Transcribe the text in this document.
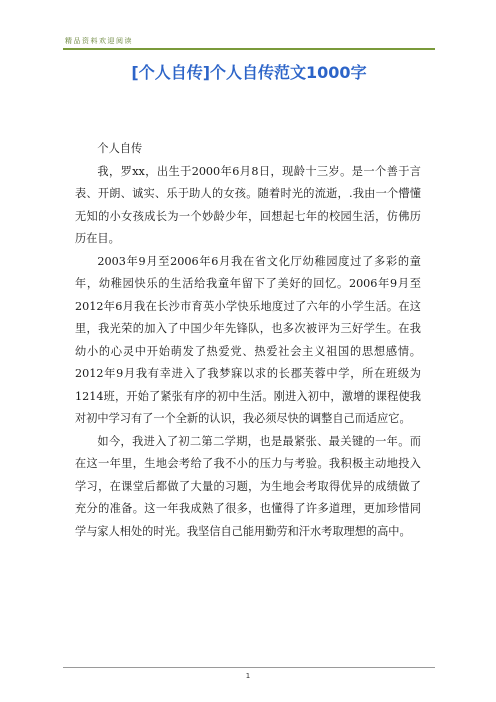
精品资料欢迎阅读
[个人自传]个人自传范文1000字

个人自传

我，罗xx，出生于2000年6月8日，现龄十三岁。是一个善于言表、开朗、诚实、乐于助人的女孩。随着时光的流逝，.我由一个懵懂无知的小女孩成长为一个妙龄少年，回想起七年的校园生活，仿佛历历在目。

2003年9月至2006年6月我在省文化厅幼稚园度过了多彩的童年，幼稚园快乐的生活给我童年留下了美好的回忆。2006年9月至2012年6月我在长沙市育英小学快乐地度过了六年的小学生活。在这里，我光荣的加入了中国少年先锋队，也多次被评为三好学生。在我幼小的心灵中开始萌发了热爱党、热爱社会主义祖国的思想感情。2012年9月我有幸进入了我梦寐以求的长郡芙蓉中学，所在班级为1214班，开始了紧张有序的初中生活。刚进入初中，激增的课程使我对初中学习有了一个全新的认识，我必须尽快的调整自己而适应它。

如今，我进入了初二第二学期，也是最紧张、最关键的一年。而在这一年里，生地会考给了我不小的压力与考验。我积极主动地投入学习，在课堂后都做了大量的习题，为生地会考取得优异的成绩做了充分的准备。这一年我成熟了很多，也懂得了许多道理，更加珍惜同学与家人相处的时光。我坚信自己能用勤劳和汗水考取理想的高中。

1
